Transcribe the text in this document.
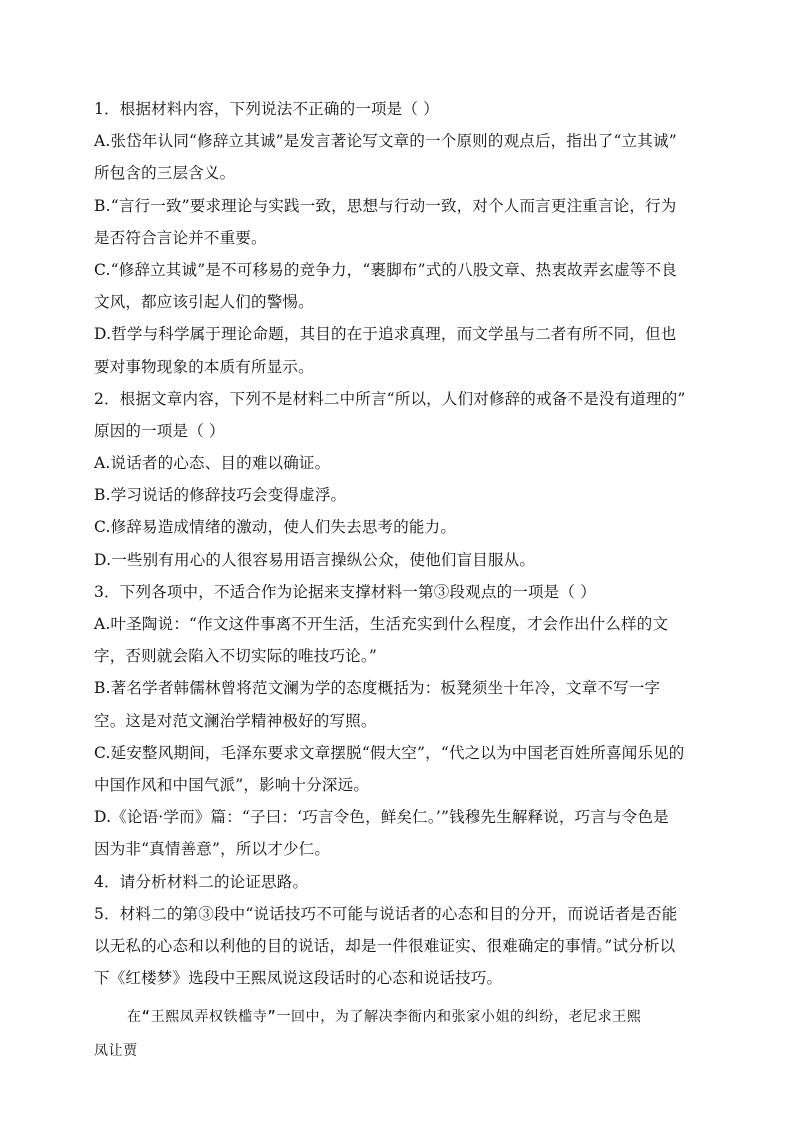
1．根据材料内容，下列说法不正确的一项是（ ）
A.张岱年认同“修辞立其诚”是发言著论写文章的一个原则的观点后，指出了“立其诚”
所包含的三层含义。
B.“言行一致”要求理论与实践一致，思想与行动一致，对个人而言更注重言论，行为
是否符合言论并不重要。
C.“修辞立其诚”是不可移易的竞争力，“裹脚布”式的八股文章、热衷故弄玄虚等不良
文风，都应该引起人们的警惕。
D.哲学与科学属于理论命题，其目的在于追求真理，而文学虽与二者有所不同，但也
要对事物现象的本质有所显示。
2．根据文章内容，下列不是材料二中所言“所以，人们对修辞的戒备不是没有道理的”
原因的一项是（ ）
A.说话者的心态、目的难以确证。
B.学习说话的修辞技巧会变得虚浮。
C.修辞易造成情绪的激动，使人们失去思考的能力。
D.一些别有用心的人很容易用语言操纵公众，使他们盲目服从。
3．下列各项中，不适合作为论据来支撑材料一第③段观点的一项是（ ）
A.叶圣陶说：“作文这件事离不开生活，生活充实到什么程度，才会作出什么样的文
字，否则就会陷入不切实际的唯技巧论。”
B.著名学者韩儒林曾将范文澜为学的态度概括为：板凳须坐十年冷，文章不写一字
空。这是对范文澜治学精神极好的写照。
C.延安整风期间，毛泽东要求文章摆脱“假大空”，“代之以为中国老百姓所喜闻乐见的
中国作风和中国气派”，影响十分深远。
D.《论语·学而》篇：“子曰：‘巧言令色，鲜矣仁。’”钱穆先生解释说，巧言与令色是
因为非“真情善意”，所以才少仁。
4．请分析材料二的论证思路。
5．材料二的第③段中“说话技巧不可能与说话者的心态和目的分开，而说话者是否能
以无私的心态和以利他的目的说话，却是一件很难证实、很难确定的事情。”试分析以
下《红楼梦》选段中王熙凤说这段话时的心态和说话技巧。
在“王熙凤弄权铁槛寺”一回中，为了解决李衙内和张家小姐的纠纷，老尼求王熙
凤让贾
